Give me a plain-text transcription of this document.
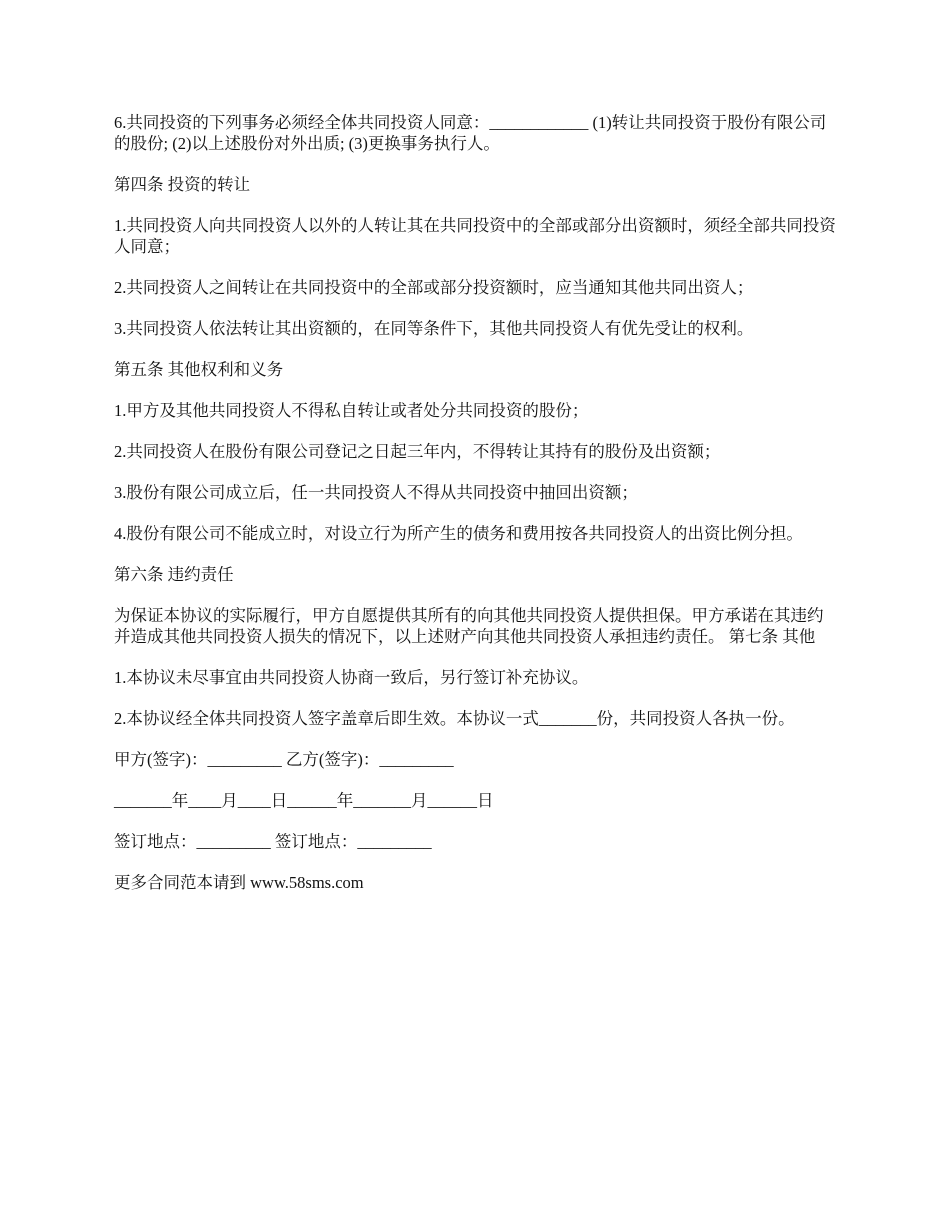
6.共同投资的下列事务必须经全体共同投资人同意：____________ (1)转让共同投资于股份有限公司的股份; (2)以上述股份对外出质; (3)更换事务执行人。

第四条 投资的转让

1.共同投资人向共同投资人以外的人转让其在共同投资中的全部或部分出资额时，须经全部共同投资人同意；

2.共同投资人之间转让在共同投资中的全部或部分投资额时，应当通知其他共同出资人；

3.共同投资人依法转让其出资额的，在同等条件下，其他共同投资人有优先受让的权利。

第五条 其他权利和义务

1.甲方及其他共同投资人不得私自转让或者处分共同投资的股份；

2.共同投资人在股份有限公司登记之日起三年内，不得转让其持有的股份及出资额；

3.股份有限公司成立后，任一共同投资人不得从共同投资中抽回出资额；

4.股份有限公司不能成立时，对设立行为所产生的债务和费用按各共同投资人的出资比例分担。

第六条 违约责任

为保证本协议的实际履行，甲方自愿提供其所有的向其他共同投资人提供担保。甲方承诺在其违约并造成其他共同投资人损失的情况下，以上述财产向其他共同投资人承担违约责任。 第七条 其他

1.本协议未尽事宜由共同投资人协商一致后，另行签订补充协议。

2.本协议经全体共同投资人签字盖章后即生效。本协议一式_______份，共同投资人各执一份。

甲方(签字)：_________ 乙方(签字)：_________

_______年____月____日______年_______月______日

签订地点：_________ 签订地点：_________

更多合同范本请到 www.58sms.com
